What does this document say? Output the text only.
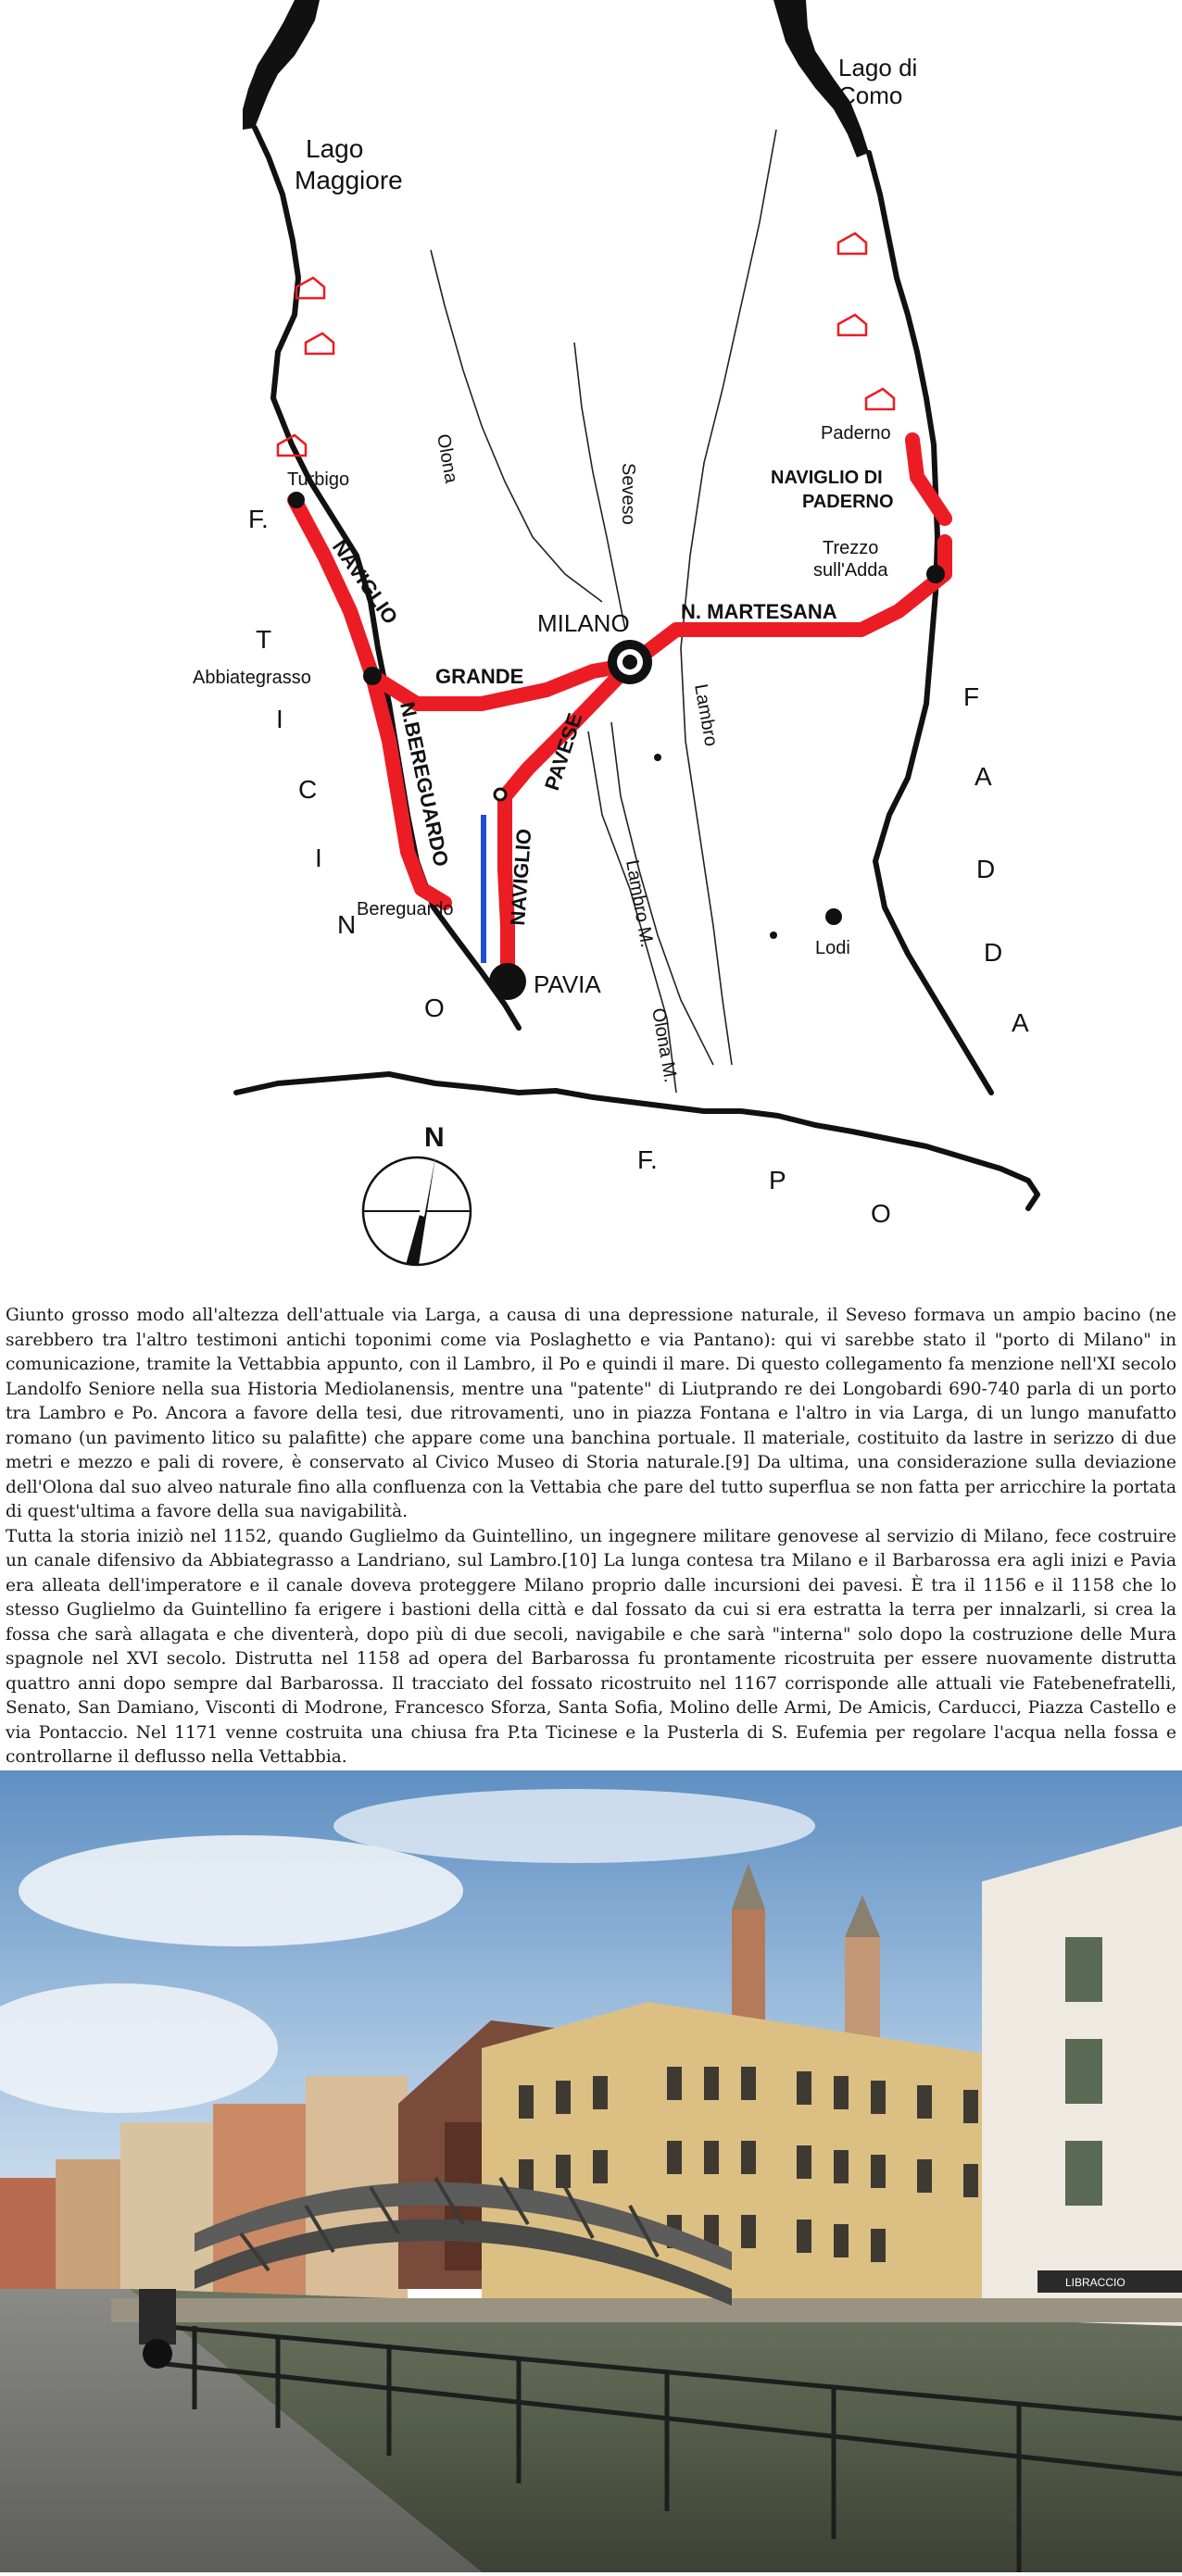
Lago Maggiore
Lago di Como
Turbigo
Abbiategrasso
MILANO
Paderno
Trezzo sull'Adda
Bereguardo
PAVIA
Lodi
NAVIGLIO
GRANDE
N.BEREGUARDO
NAVIGLIO
PAVESE
N. MARTESANA
NAVIGLIO DI PADERNO
Olona
Seveso
Lambro
Lambro M.
Olona M.
F.
T
I
C
I
N
O
F
A
D
D
A
F.
P
O
N

Giunto grosso modo all'altezza dell'attuale via Larga, a causa di una depressione naturale, il Seveso formava un ampio bacino (ne sarebbero tra l'altro testimoni antichi toponimi come via Poslaghetto e via Pantano): qui vi sarebbe stato il "porto di Milano" in comunicazione, tramite la Vettabbia appunto, con il Lambro, il Po e quindi il mare. Di questo collegamento fa menzione nell'XI secolo Landolfo Seniore nella sua Historia Mediolanensis, mentre una "patente" di Liutprando re dei Longobardi 690-740 parla di un porto tra Lambro e Po. Ancora a favore della tesi, due ritrovamenti, uno in piazza Fontana e l'altro in via Larga, di un lungo manufatto romano (un pavimento litico su palafitte) che appare come una banchina portuale. Il materiale, costituito da lastre in serizzo di due metri e mezzo e pali di rovere, è conservato al Civico Museo di Storia naturale.[9] Da ultima, una considerazione sulla deviazione dell'Olona dal suo alveo naturale fino alla confluenza con la Vettabia che pare del tutto superflua se non fatta per arricchire la portata di quest'ultima a favore della sua navigabilità.

Tutta la storia iniziò nel 1152, quando Guglielmo da Guintellino, un ingegnere militare genovese al servizio di Milano, fece costruire un canale difensivo da Abbiategrasso a Landriano, sul Lambro.[10] La lunga contesa tra Milano e il Barbarossa era agli inizi e Pavia era alleata dell'imperatore e il canale doveva proteggere Milano proprio dalle incursioni dei pavesi. È tra il 1156 e il 1158 che lo stesso Guglielmo da Guintellino fa erigere i bastioni della città e dal fossato da cui si era estratta la terra per innalzarli, si crea la fossa che sarà allagata e che diventerà, dopo più di due secoli, navigabile e che sarà "interna" solo dopo la costruzione delle Mura spagnole nel XVI secolo. Distrutta nel 1158 ad opera del Barbarossa fu prontamente ricostruita per essere nuovamente distrutta quattro anni dopo sempre dal Barbarossa. Il tracciato del fossato ricostruito nel 1167 corrisponde alle attuali vie Fatebenefratelli, Senato, San Damiano, Visconti di Modrone, Francesco Sforza, Santa Sofia, Molino delle Armi, De Amicis, Carducci, Piazza Castello e via Pontaccio. Nel 1171 venne costruita una chiusa fra P.ta Ticinese e la Pusterla di S. Eufemia per regolare l'acqua nella fossa e controllarne il deflusso nella Vettabbia.

LIBRACCIO
